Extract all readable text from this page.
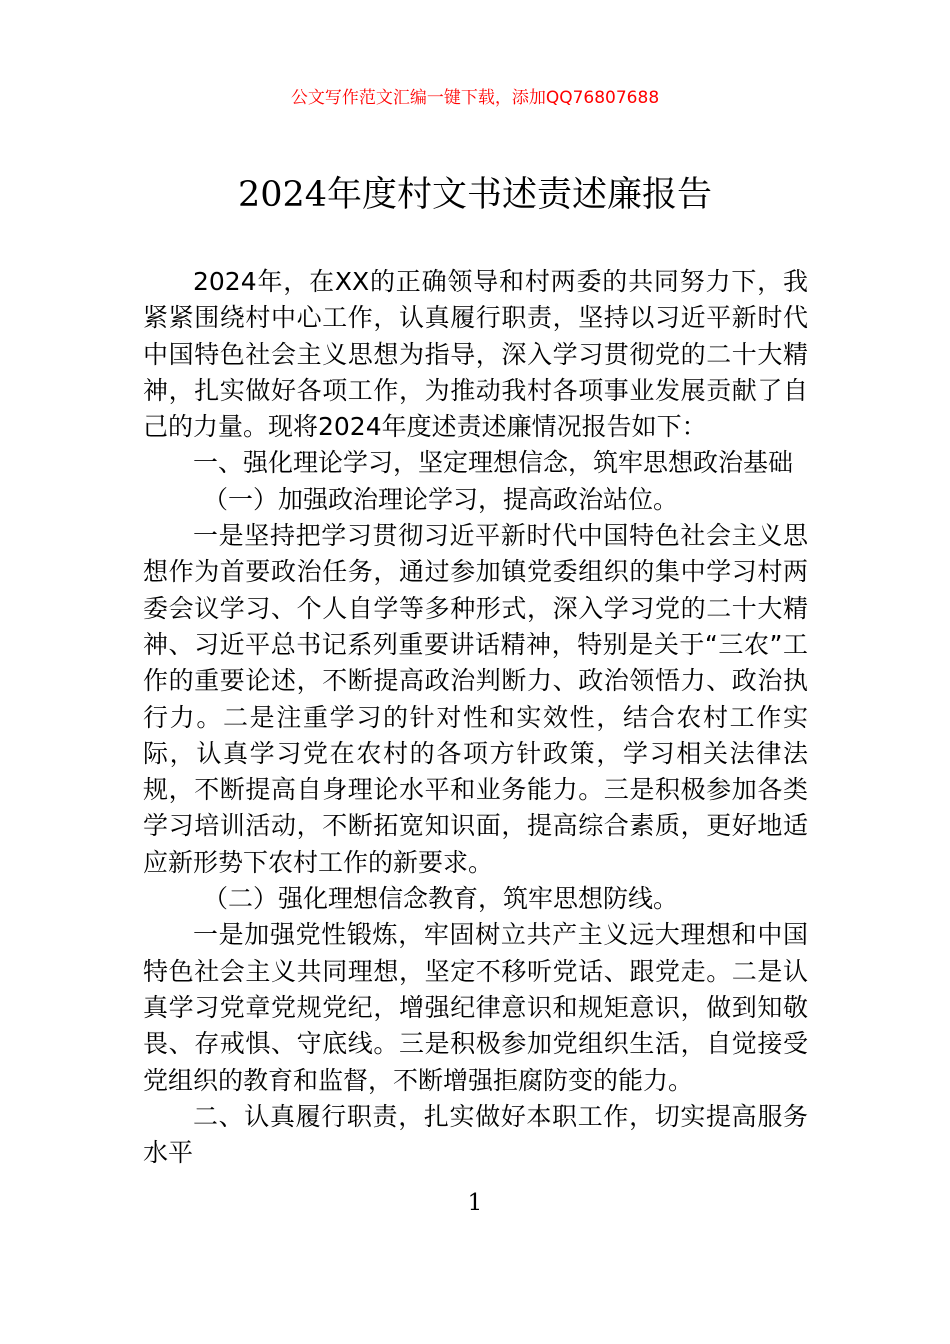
公文写作范文汇编一键下载，添加QQ76807688
2024年度村文书述责述廉报告

2024年，在XX的正确领导和村两委的共同努力下，我紧紧围绕村中心工作，认真履行职责，坚持以习近平新时代中国特色社会主义思想为指导，深入学习贯彻党的二十大精神，扎实做好各项工作，为推动我村各项事业发展贡献了自己的力量。现将2024年度述责述廉情况报告如下：

一、强化理论学习，坚定理想信念，筑牢思想政治基础

（一）加强政治理论学习，提高政治站位。

一是坚持把学习贯彻习近平新时代中国特色社会主义思想作为首要政治任务，通过参加镇党委组织的集中学习村两委会议学习、个人自学等多种形式，深入学习党的二十大精神、习近平总书记系列重要讲话精神，特别是关于“三农”工作的重要论述，不断提高政治判断力、政治领悟力、政治执行力。二是注重学习的针对性和实效性，结合农村工作实际，认真学习党在农村的各项方针政策，学习相关法律法规，不断提高自身理论水平和业务能力。三是积极参加各类学习培训活动，不断拓宽知识面，提高综合素质，更好地适应新形势下农村工作的新要求。

（二）强化理想信念教育，筑牢思想防线。

一是加强党性锻炼，牢固树立共产主义远大理想和中国特色社会主义共同理想，坚定不移听党话、跟党走。二是认真学习党章党规党纪，增强纪律意识和规矩意识，做到知敬畏、存戒惧、守底线。三是积极参加党组织生活，自觉接受党组织的教育和监督，不断增强拒腐防变的能力。

二、认真履行职责，扎实做好本职工作，切实提高服务水平

1
